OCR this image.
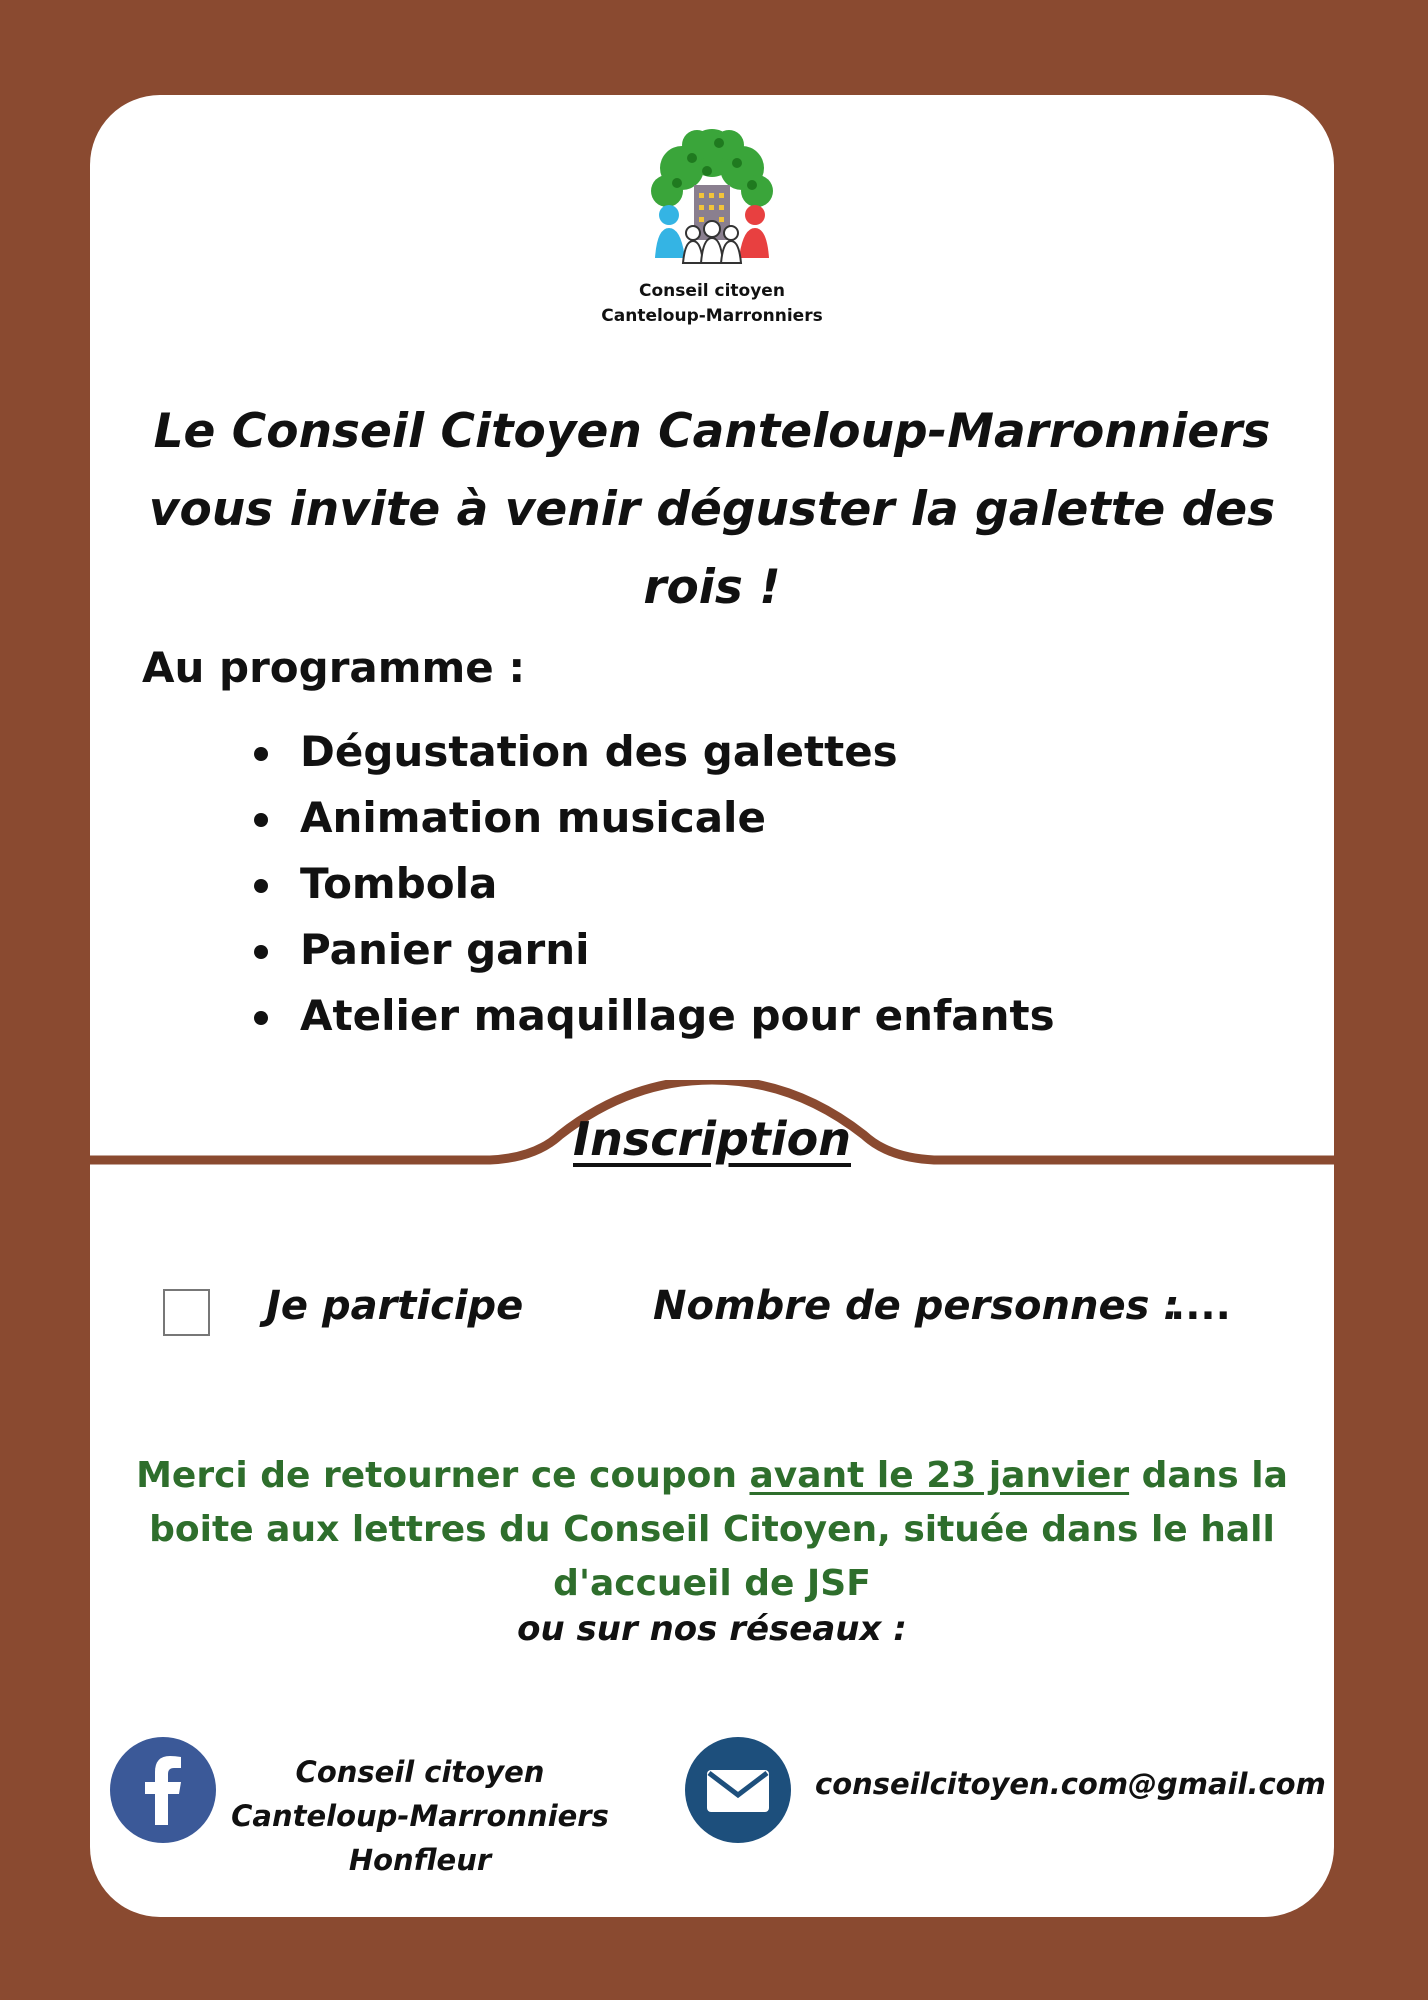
Conseil citoyen
Canteloup-Marronniers
Le Conseil Citoyen Canteloup-Marronniers vous invite à venir déguster la galette des rois !
Au programme :
Dégustation des galettes
Animation musicale
Tombola
Panier garni
Atelier maquillage pour enfants
Inscription
Je participe	Nombre de personnes :
....
Merci de retourner ce coupon avant le 23 janvier dans la boite aux lettres du Conseil Citoyen, située dans le hall d'accueil de JSF
ou sur nos réseaux :
Conseil citoyen Canteloup-Marronniers Honfleur
conseilcitoyen.com@gmail.com
